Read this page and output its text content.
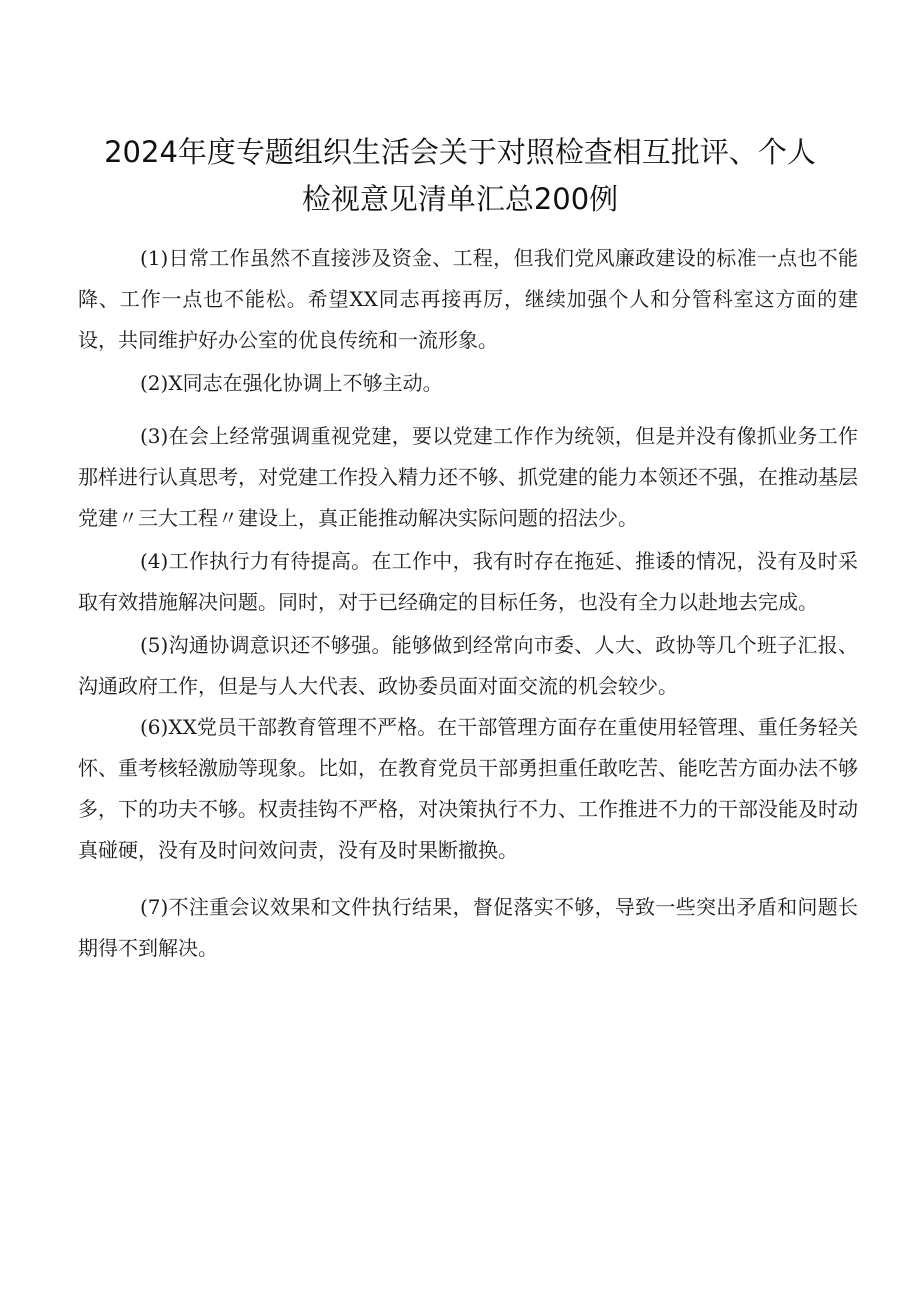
2024年度专题组织生活会关于对照检查相互批评、个人检视意见清单汇总200例

(1)日常工作虽然不直接涉及资金、工程，但我们党风廉政建设的标准一点也不能降、工作一点也不能松。希望XX同志再接再厉，继续加强个人和分管科室这方面的建设，共同维护好办公室的优良传统和一流形象。

(2)X同志在强化协调上不够主动。

(3)在会上经常强调重视党建，要以党建工作作为统领，但是并没有像抓业务工作那样进行认真思考，对党建工作投入精力还不够、抓党建的能力本领还不强，在推动基层党建〃三大工程〃建设上，真正能推动解决实际问题的招法少。

(4)工作执行力有待提高。在工作中，我有时存在拖延、推诿的情况，没有及时采取有效措施解决问题。同时，对于已经确定的目标任务，也没有全力以赴地去完成。

(5)沟通协调意识还不够强。能够做到经常向市委、人大、政协等几个班子汇报、沟通政府工作，但是与人大代表、政协委员面对面交流的机会较少。

(6)XX党员干部教育管理不严格。在干部管理方面存在重使用轻管理、重任务轻关怀、重考核轻激励等现象。比如，在教育党员干部勇担重任敢吃苦、能吃苦方面办法不够多，下的功夫不够。权责挂钩不严格，对决策执行不力、工作推进不力的干部没能及时动真碰硬，没有及时问效问责，没有及时果断撤换。

(7)不注重会议效果和文件执行结果，督促落实不够，导致一些突出矛盾和问题长期得不到解决。
